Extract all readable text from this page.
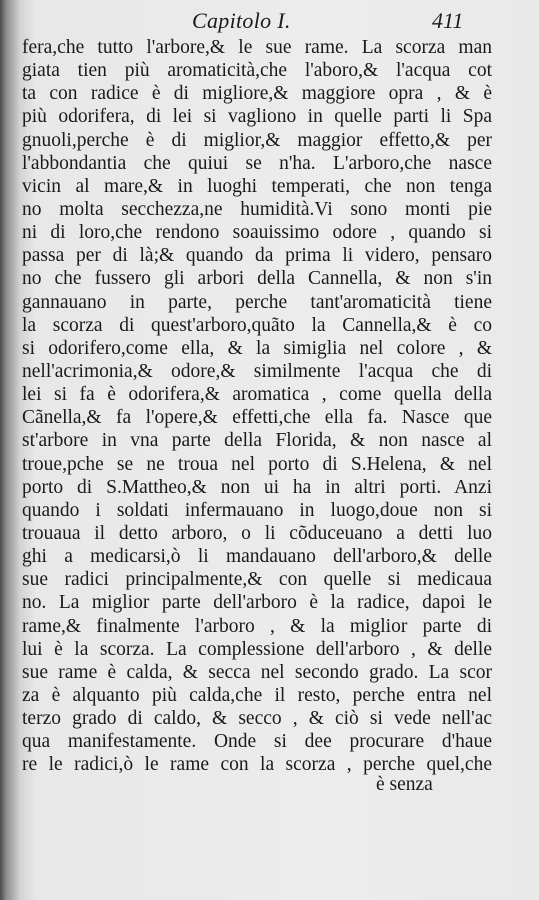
Capitolo I.	411
fera,che tutto l'arbore,& le sue rame. La scorza man
giata tien più aromaticità,che l'aboro,& l'acqua cot
ta con radice è di migliore,& maggiore opra , & è
più odorifera, di lei si vagliono in quelle parti li Spa
gnuoli,perche è di miglior,& maggior effetto,& per
l'abbondantia che quiui se n'ha. L'arboro,che nasce
vicin al mare,& in luoghi temperati, che non tenga
no molta secchezza,ne humidità.Vi sono monti pie
ni di loro,che rendono soauissimo odore , quando si
passa per di là;& quando da prima li videro, pensaro
no che fussero gli arbori della Cannella, & non s'in
gannauano in parte, perche tant'aromaticità tiene
la scorza di quest'arboro,quãto la Cannella,& è co
si odorifero,come ella, & la simiglia nel colore , &
nell'acrimonia,& odore,& similmente l'acqua che di
lei si fa è odorifera,& aromatica , come quella della
Cãnella,& fa l'opere,& effetti,che ella fa. Nasce que
st'arbore in vna parte della Florida, & non nasce al
troue,pche se ne troua nel porto di S.Helena, & nel
porto di S.Mattheo,& non ui ha in altri porti. Anzi
quando i soldati infermauano in luogo,doue non si
trouaua il detto arboro, o li cõduceuano a detti luo
ghi a medicarsi,ò li mandauano dell'arboro,& delle
sue radici principalmente,& con quelle si medicaua
no. La miglior parte dell'arboro è la radice, dapoi le
rame,& finalmente l'arboro , & la miglior parte di
lui è la scorza. La complessione dell'arboro , & delle
sue rame è calda, & secca nel secondo grado. La scor
za è alquanto più calda,che il resto, perche entra nel
terzo grado di caldo, & secco , & ciò si vede nell'ac
qua manifestamente. Onde si dee procurare d'haue
re le radici,ò le rame con la scorza , perche quel,che
è senza
